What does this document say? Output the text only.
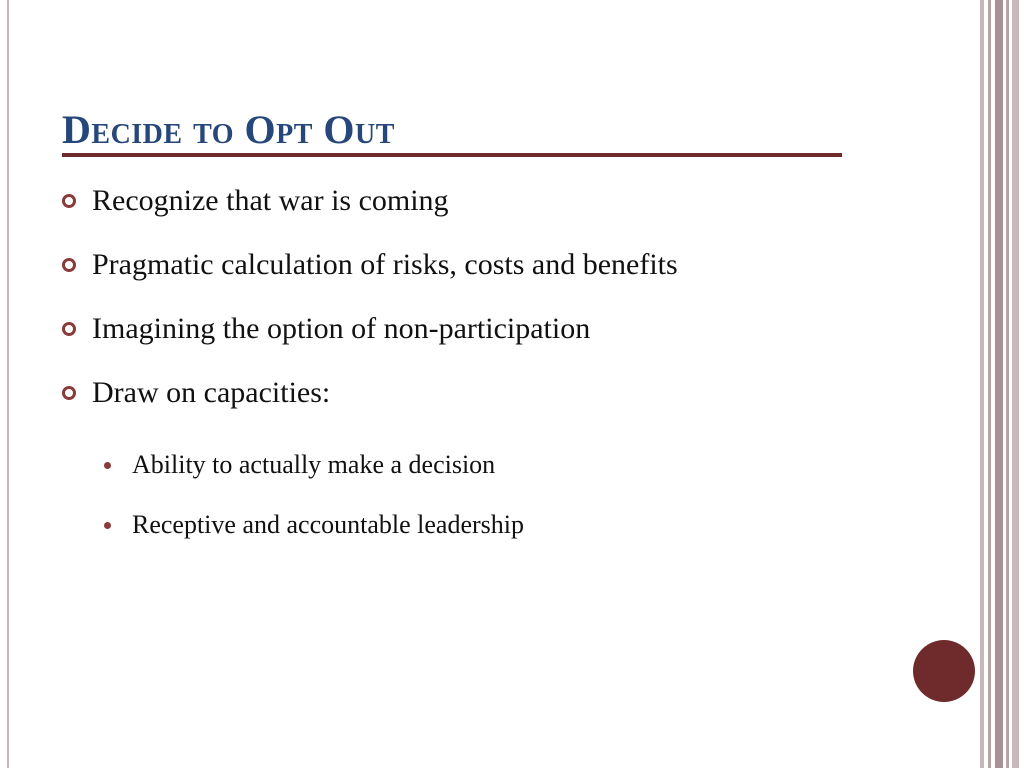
Decide to Opt Out
Recognize that war is coming
Pragmatic calculation of risks, costs and benefits
Imagining the option of non-participation
Draw on capacities:
Ability to actually make a decision
Receptive and accountable leadership
